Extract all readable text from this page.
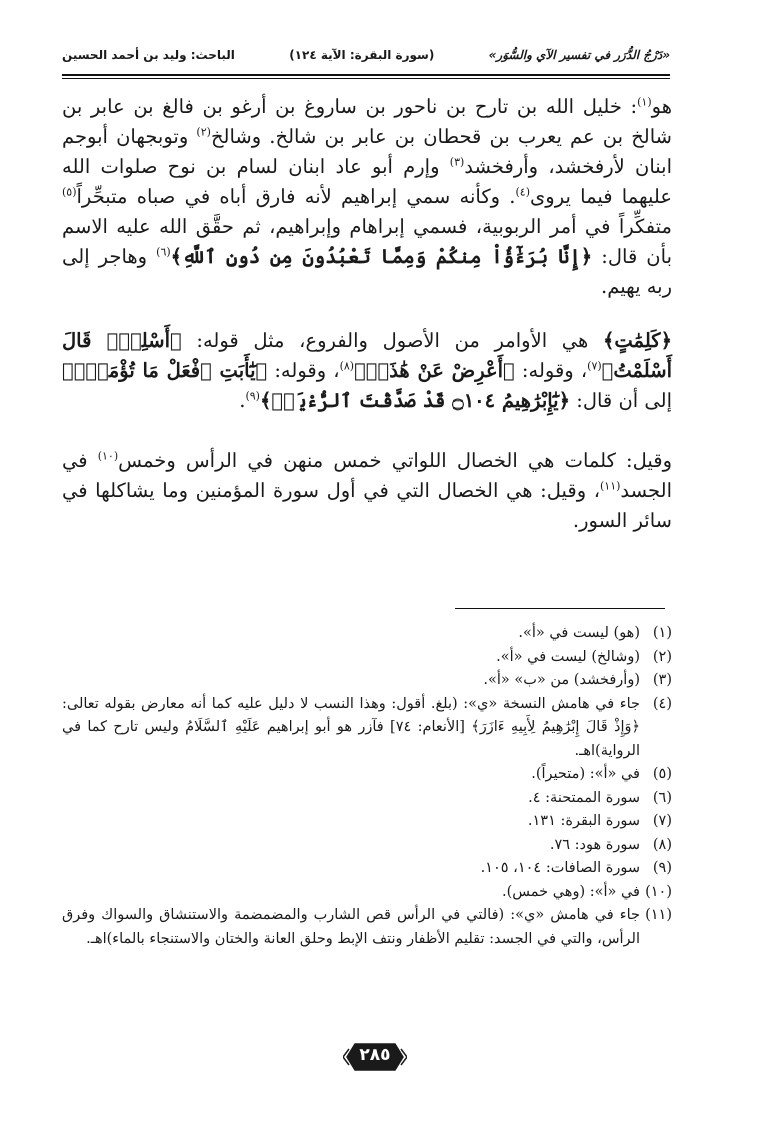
«دَرْجُ الدُّرَر في تفسير الآي والسُّوَر»
(سورة البقرة: الآية ١٢٤)
الباحث: وليد بن أحمد الحسين

هو$^{(١)}$: خليل الله بن تارح بن ناحور بن ساروغ بن أرغو بن فالغ بن عابر بن شالخ بن عم يعرب بن قحطان بن عابر بن شالخ. وشالخ$^{(٢)}$ وتوبجهان أبوجم ابنان لأرفخشد، وأرفخشد$^{(٣)}$ وإرم أبو عاد ابنان لسام بن نوح صلوات الله عليهما فيما يروى$^{(٤)}$. وكأنه سمي إبراهيم لأنه فارق أباه في صباه متبحِّراً$^{(٥)}$ متفكِّراً في أمر الربوبية، فسمي إبراهام وإبراهيم، ثم حقَّق الله عليه الاسم بأن قال: ﴿إِنَّا بُرَءَٰٓؤُاْ مِنكُمْ وَمِمَّا تَعْبُدُونَ مِن دُونِ ٱللَّهِ﴾$^{(٦)}$ وهاجر إلى ربه يهيم.

﴿كَلِمَٰتٍ﴾ هي الأوامر من الأصول والفروع، مثل قوله: ﴿أَسْلِمْۖ قَالَ أَسْلَمْتُ﴾$^{(٧)}$، وقوله: ﴿أَعْرِضْ عَنْ هَٰذَآۚ﴾$^{(٨)}$، وقوله: ﴿يَٰٓأَبَتِ ٱفْعَلْ مَا تُؤْمَرُۖ﴾ إلى أن قال: ﴿يَٰٓإِبْرَٰهِيمُ ۝١٠٤ قَدْ صَدَّقْتَ ٱلرُّءْيَآۚ﴾$^{(٩)}$.

وقيل: كلمات هي الخصال اللواتي خمس منهن في الرأس وخمس$^{(١٠)}$ في الجسد$^{(١١)}$، وقيل: هي الخصال التي في أول سورة المؤمنين وما يشاكلها في سائر السور.

(١)
(هو) ليست في «أ».
(٢)
(وشالخ) ليست في «أ».
(٣)
(وأرفخشد) من «ب» «أ».
(٤)
جاء في هامش النسخة «ي»: (بلغ. أقول: وهذا النسب لا دليل عليه كما أنه معارض بقوله تعالى: ﴿وَإِذْ قَالَ إِبْرَٰهِيمُ لِأَبِيهِ ءَازَرَ﴾ [الأنعام: ٧٤] فآزر هو أبو إبراهيم عَلَيْهِ ٱلسَّلَامُ وليس تارح كما في الرواية)اهـ.
(٥)
في «أ»: (متحيراً).
(٦)
سورة الممتحنة: ٤.
(٧)
سورة البقرة: ١٣١.
(٨)
سورة هود: ٧٦.
(٩)
سورة الصافات: ١٠٤، ١٠٥.
(١٠)
في «أ»: (وهي خمس).
(١١)
جاء في هامش «ي»: (فالتي في الرأس قص الشارب والمضمضمة والاستنشاق والسواك وفرق الرأس، والتي في الجسد: تقليم الأظفار ونتف الإبط وحلق العانة والختان والاستنجاء بالماء)اهـ.
٢٨٥
